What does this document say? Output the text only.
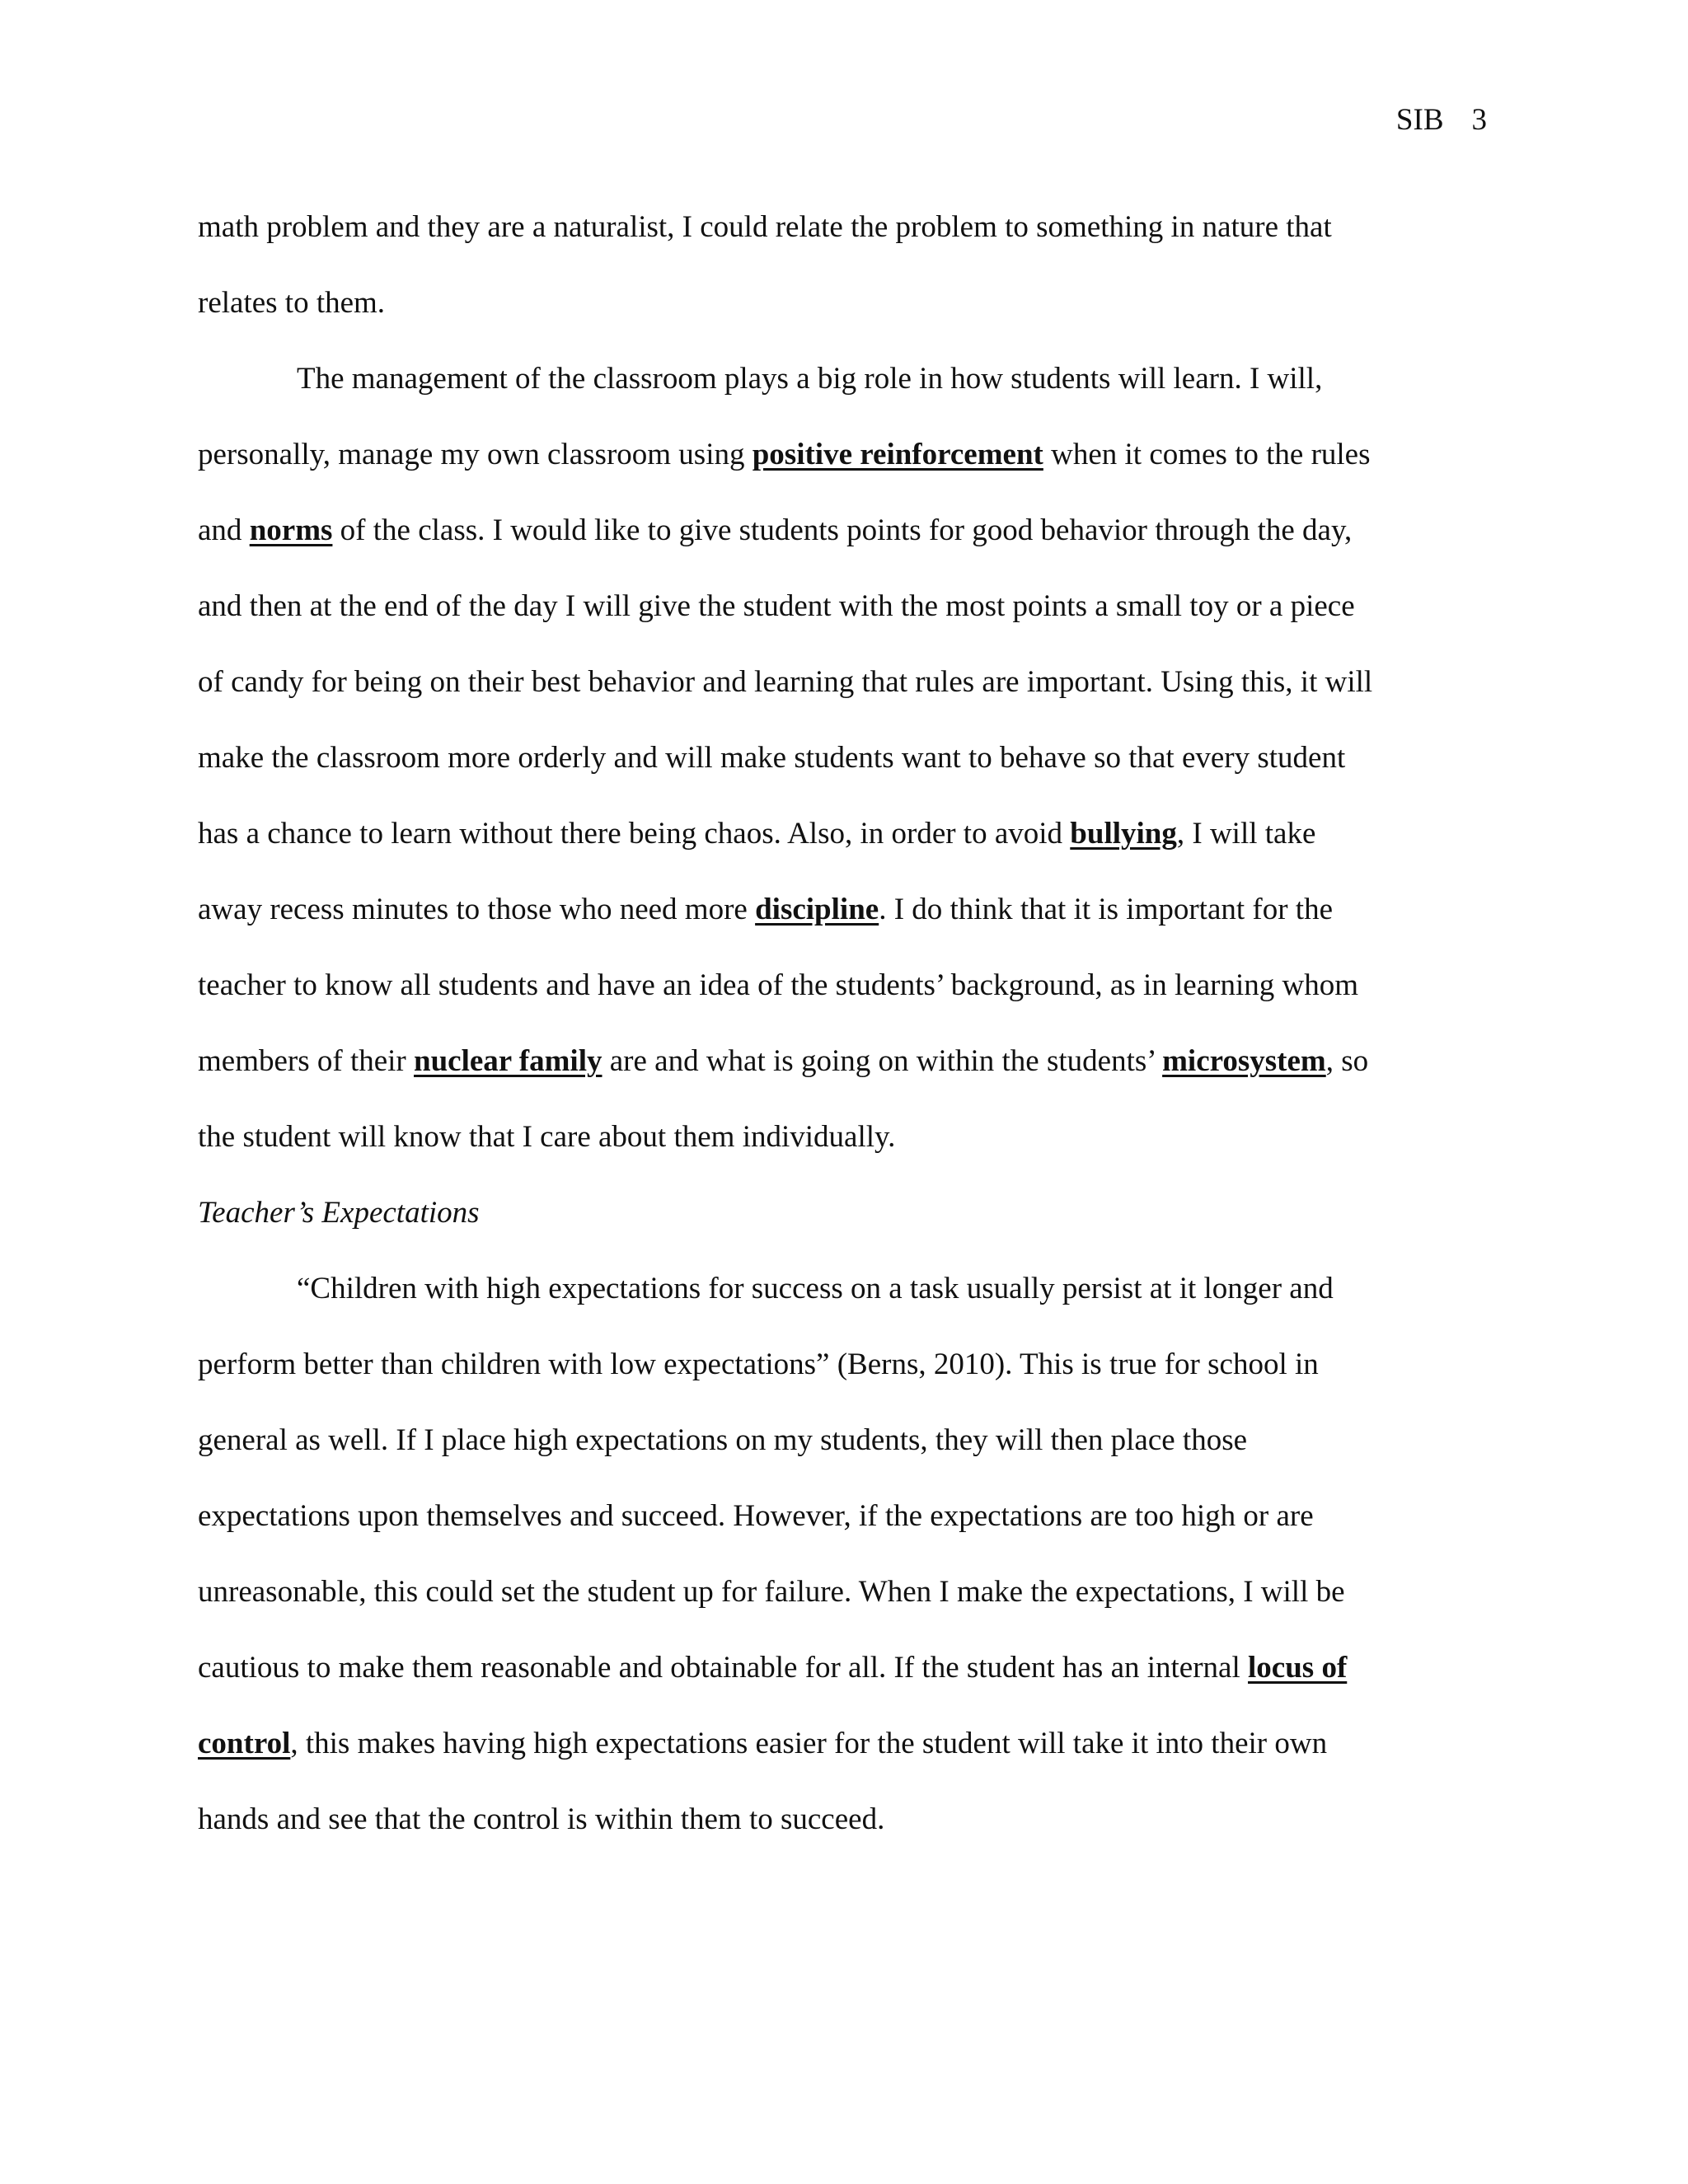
SIB 3
math problem and they are a naturalist, I could relate the problem to something in nature that
relates to them.
The management of the classroom plays a big role in how students will learn. I will,
personally, manage my own classroom using positive reinforcement when it comes to the rules
and norms of the class. I would like to give students points for good behavior through the day,
and then at the end of the day I will give the student with the most points a small toy or a piece
of candy for being on their best behavior and learning that rules are important. Using this, it will
make the classroom more orderly and will make students want to behave so that every student
has a chance to learn without there being chaos. Also, in order to avoid bullying, I will take
away recess minutes to those who need more discipline. I do think that it is important for the
teacher to know all students and have an idea of the students’ background, as in learning whom
members of their nuclear family are and what is going on within the students’ microsystem, so
the student will know that I care about them individually.
Teacher’s Expectations
“Children with high expectations for success on a task usually persist at it longer and
perform better than children with low expectations” (Berns, 2010). This is true for school in
general as well. If I place high expectations on my students, they will then place those
expectations upon themselves and succeed. However, if the expectations are too high or are
unreasonable, this could set the student up for failure. When I make the expectations, I will be
cautious to make them reasonable and obtainable for all. If the student has an internal locus of
control, this makes having high expectations easier for the student will take it into their own
hands and see that the control is within them to succeed.
